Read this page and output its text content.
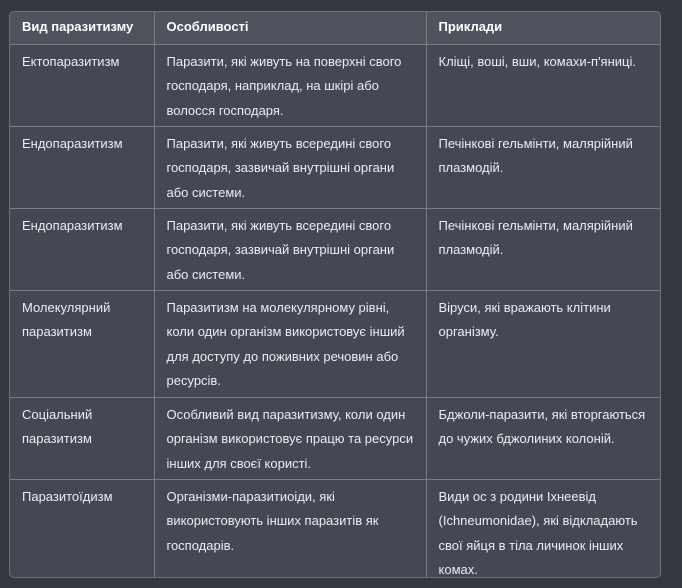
Вид паразитизму	Особливості	Приклади
Ектопаразитизм	Паразити, які живуть на поверхні свого господаря, наприклад, на шкірі або волосся господаря.	Кліщі, воші, вши, комахи-п'яниці.
Ендопаразитизм	Паразити, які живуть всередині свого господаря, зазвичай внутрішні органи або системи.	Печінкові гельмінти, малярійний плазмодій.
Ендопаразитизм	Паразити, які живуть всередині свого господаря, зазвичай внутрішні органи або системи.	Печінкові гельмінти, малярійний плазмодій.
Молекулярний паразитизм	Паразитизм на молекулярному рівні, коли один організм використовує інший для доступу до поживних речовин або ресурсів.	Віруси, які вражають клітини організму.
Соціальний паразитизм	Особливий вид паразитизму, коли один організм використовує працю та ресурси інших для своєї користі.	Бджоли-паразити, які вторгаються до чужих бджолиних колоній.
Паразитоїдизм	Організми-паразитиоіди, які використовують інших паразитів як господарів.	Види ос з родини Іхнеевід (Ichneumonidae), які відкладають свої яйця в тіла личинок інших комах.
